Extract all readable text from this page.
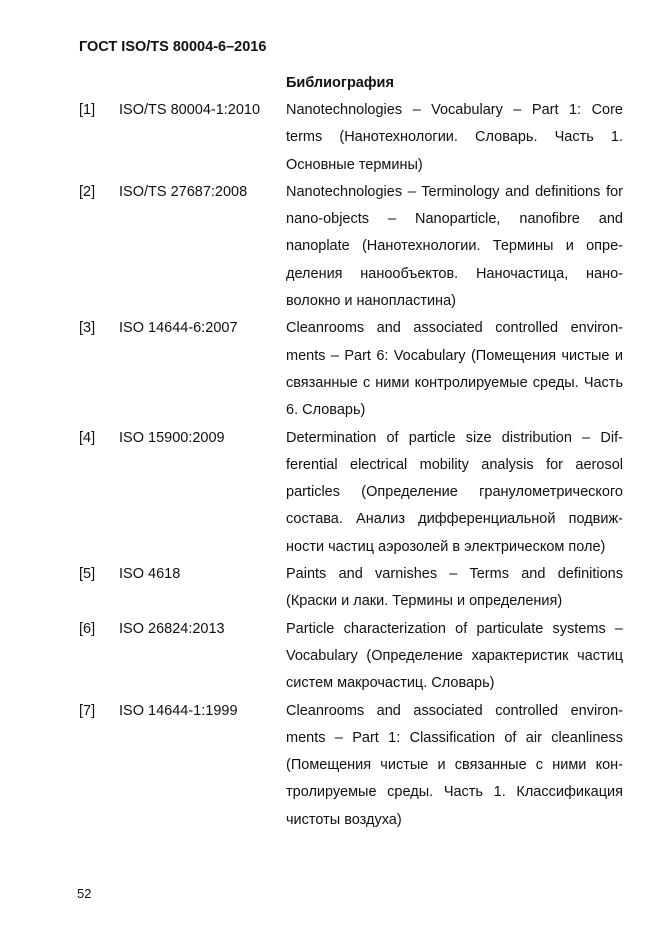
ГОСТ ISO/TS 80004-6–2016
Библиография
[1] ISO/TS 80004-1:2010 Nanotechnologies – Vocabulary – Part 1: Core terms (Нанотехнологии. Словарь. Часть 1. Основные термины)
[2] ISO/TS 27687:2008	Nanotechnologies – Terminology and definitions for nano-objects – Nanoparticle, nanofibre and nanoplate (Нанотехнологии. Термины и определения нанообъектов. Наночастица, нановолокно и нанопластина)
[3] ISO 14644-6:2007	Cleanrooms and associated controlled environments – Part 6: Vocabulary (Помещения чистые и связанные с ними контролируемые среды. Часть 6. Словарь)
[4] ISO 15900:2009	Determination of particle size distribution – Differential electrical mobility analysis for aerosol particles (Определение гранулометрического состава. Анализ дифференциальной подвижности частиц аэрозолей в электрическом поле)
[5] ISO 4618	Paints and varnishes – Terms and definitions (Краски и лаки. Термины и определения)
[6] ISO 26824:2013	Particle characterization of particulate systems – Vocabulary (Определение характеристик частиц систем макрочастиц. Словарь)
[7] ISO 14644-1:1999	Cleanrooms and associated controlled environments – Part 1: Classification of air cleanliness (Помещения чистые и связанные с ними контролируемые среды. Часть 1. Классификация чистоты воздуха)
52
